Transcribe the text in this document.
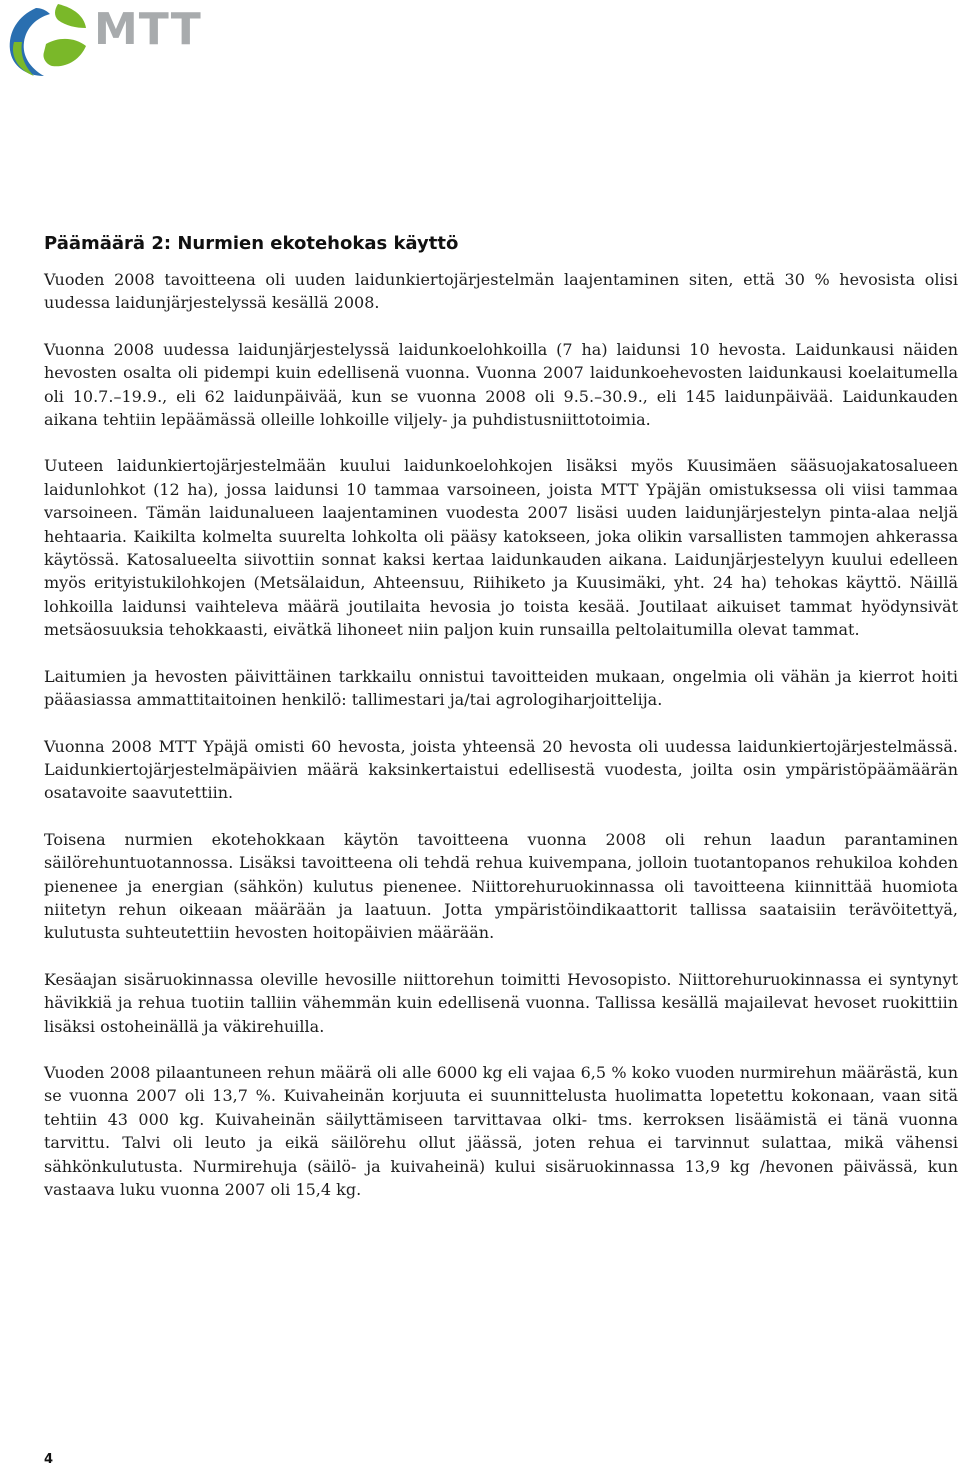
MTT
Päämäärä 2: Nurmien ekotehokas käyttö

Vuoden 2008 tavoitteena oli uuden laidunkiertojärjestelmän laajentaminen siten, että 30 % hevosista olisi uudessa laidunjärjestelyssä kesällä 2008.

Vuonna 2008 uudessa laidunjärjestelyssä laidunkoelohkoilla (7 ha) laidunsi 10 hevosta. Laidunkausi näiden hevosten osalta oli pidempi kuin edellisenä vuonna. Vuonna 2007 laidunkoehevosten laidunkausi koelaitumella oli 10.7.–19.9., eli 62 laidunpäivää, kun se vuonna 2008 oli 9.5.–30.9., eli 145 laidunpäivää. Laidunkauden aikana tehtiin lepäämässä olleille lohkoille viljely- ja puhdistusniittotoimia.

Uuteen laidunkiertojärjestelmään kuului laidunkoelohkojen lisäksi myös Kuusimäen sääsuojakatosalueen laidunlohkot (12 ha), jossa laidunsi 10 tammaa varsoineen, joista MTT Ypäjän omistuksessa oli viisi tammaa varsoineen. Tämän laidunalueen laajentaminen vuodesta 2007 lisäsi uuden laidunjärjestelyn pinta-alaa neljä hehtaaria. Kaikilta kolmelta suurelta lohkolta oli pääsy katokseen, joka olikin varsallisten tammojen ahkerassa käytössä. Katosalueelta siivottiin sonnat kaksi kertaa laidunkauden aikana. Laidunjärjestelyyn kuului edelleen myös erityistukilohkojen (Metsälaidun, Ahteensuu, Riihiketo ja Kuusimäki, yht. 24 ha) tehokas käyttö. Näillä lohkoilla laidunsi vaihteleva määrä joutilaita hevosia jo toista kesää. Joutilaat aikuiset tammat hyödynsivät metsäosuuksia tehokkaasti, eivätkä lihoneet niin paljon kuin runsailla peltolaitumilla olevat tammat.

Laitumien ja hevosten päivittäinen tarkkailu onnistui tavoitteiden mukaan, ongelmia oli vähän ja kierrot hoiti pääasiassa ammattitaitoinen henkilö: tallimestari ja/tai agrologiharjoittelija.

Vuonna 2008 MTT Ypäjä omisti 60 hevosta, joista yhteensä 20 hevosta oli uudessa laidunkiertojärjestelmässä. Laidunkiertojärjestelmäpäivien määrä kaksinkertaistui edellisestä vuodesta, joilta osin ympäristöpäämäärän osatavoite saavutettiin.

Toisena nurmien ekotehokkaan käytön tavoitteena vuonna 2008 oli rehun laadun parantaminen säilörehuntuotannossa. Lisäksi tavoitteena oli tehdä rehua kuivempana, jolloin tuotantopanos rehukiloa kohden pienenee ja energian (sähkön) kulutus pienenee. Niittorehuruokinnassa oli tavoitteena kiinnittää huomiota niitetyn rehun oikeaan määrään ja laatuun. Jotta ympäristöindikaattorit tallissa saataisiin terävöitettyä, kulutusta suhteutettiin hevosten hoitopäivien määrään.

Kesäajan sisäruokinnassa oleville hevosille niittorehun toimitti Hevosopisto. Niittorehuruokinnassa ei syntynyt hävikkiä ja rehua tuotiin talliin vähemmän kuin edellisenä vuonna. Tallissa kesällä majailevat hevoset ruokittiin lisäksi ostoheinällä ja väkirehuilla.

Vuoden 2008 pilaantuneen rehun määrä oli alle 6000 kg eli vajaa 6,5 % koko vuoden nurmirehun määrästä, kun se vuonna 2007 oli 13,7 %. Kuivaheinän korjuuta ei suunnittelusta huolimatta lopetettu kokonaan, vaan sitä tehtiin 43 000 kg. Kuivaheinän säilyttämiseen tarvittavaa olki- tms. kerroksen lisäämistä ei tänä vuonna tarvittu. Talvi oli leuto ja eikä säilörehu ollut jäässä, joten rehua ei tarvinnut sulattaa, mikä vähensi sähkönkulutusta. Nurmirehuja (säilö- ja kuivaheinä) kului sisäruokinnassa 13,9 kg /hevonen päivässä, kun vastaava luku vuonna 2007 oli 15,4 kg.

4
